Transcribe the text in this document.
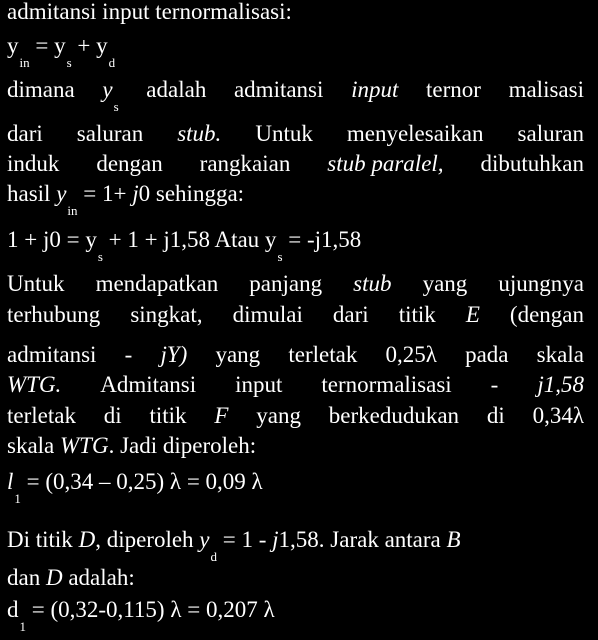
admitansi input ternormalisasi:
$y_{in} = y_s + y_d$
dimana $y_s$
adalah admitansi input ternor malisasi
dari saluran stub. Untuk menyelesaikan saluran
induk dengan rangkaian stub paralel, dibutuhkan
hasil $y_{in} = 1+ j0$ sehingga:
$1 + j0 = y_s + 1 + j1,58$ Atau $y_s = -j1,58$
Untuk mendapatkan panjang stub yang ujungnya
terhubung singkat, dimulai dari titik E (dengan
admitansi - jY) yang terletak 0,25λ pada skala
WTG. Admitansi input ternormalisasi - j1,58
terletak di titik F yang berkedudukan di 0,34λ
skala WTG. Jadi diperoleh:
$l_1 = (0,34 - 0,25) \lambda = 0,09$ λ
Di titik D, diperoleh $y_d = 1 - j1,58$. Jarak antara B
dan D adalah:
$d_1 = (0,32-0,115) \lambda = 0,207$ λ
